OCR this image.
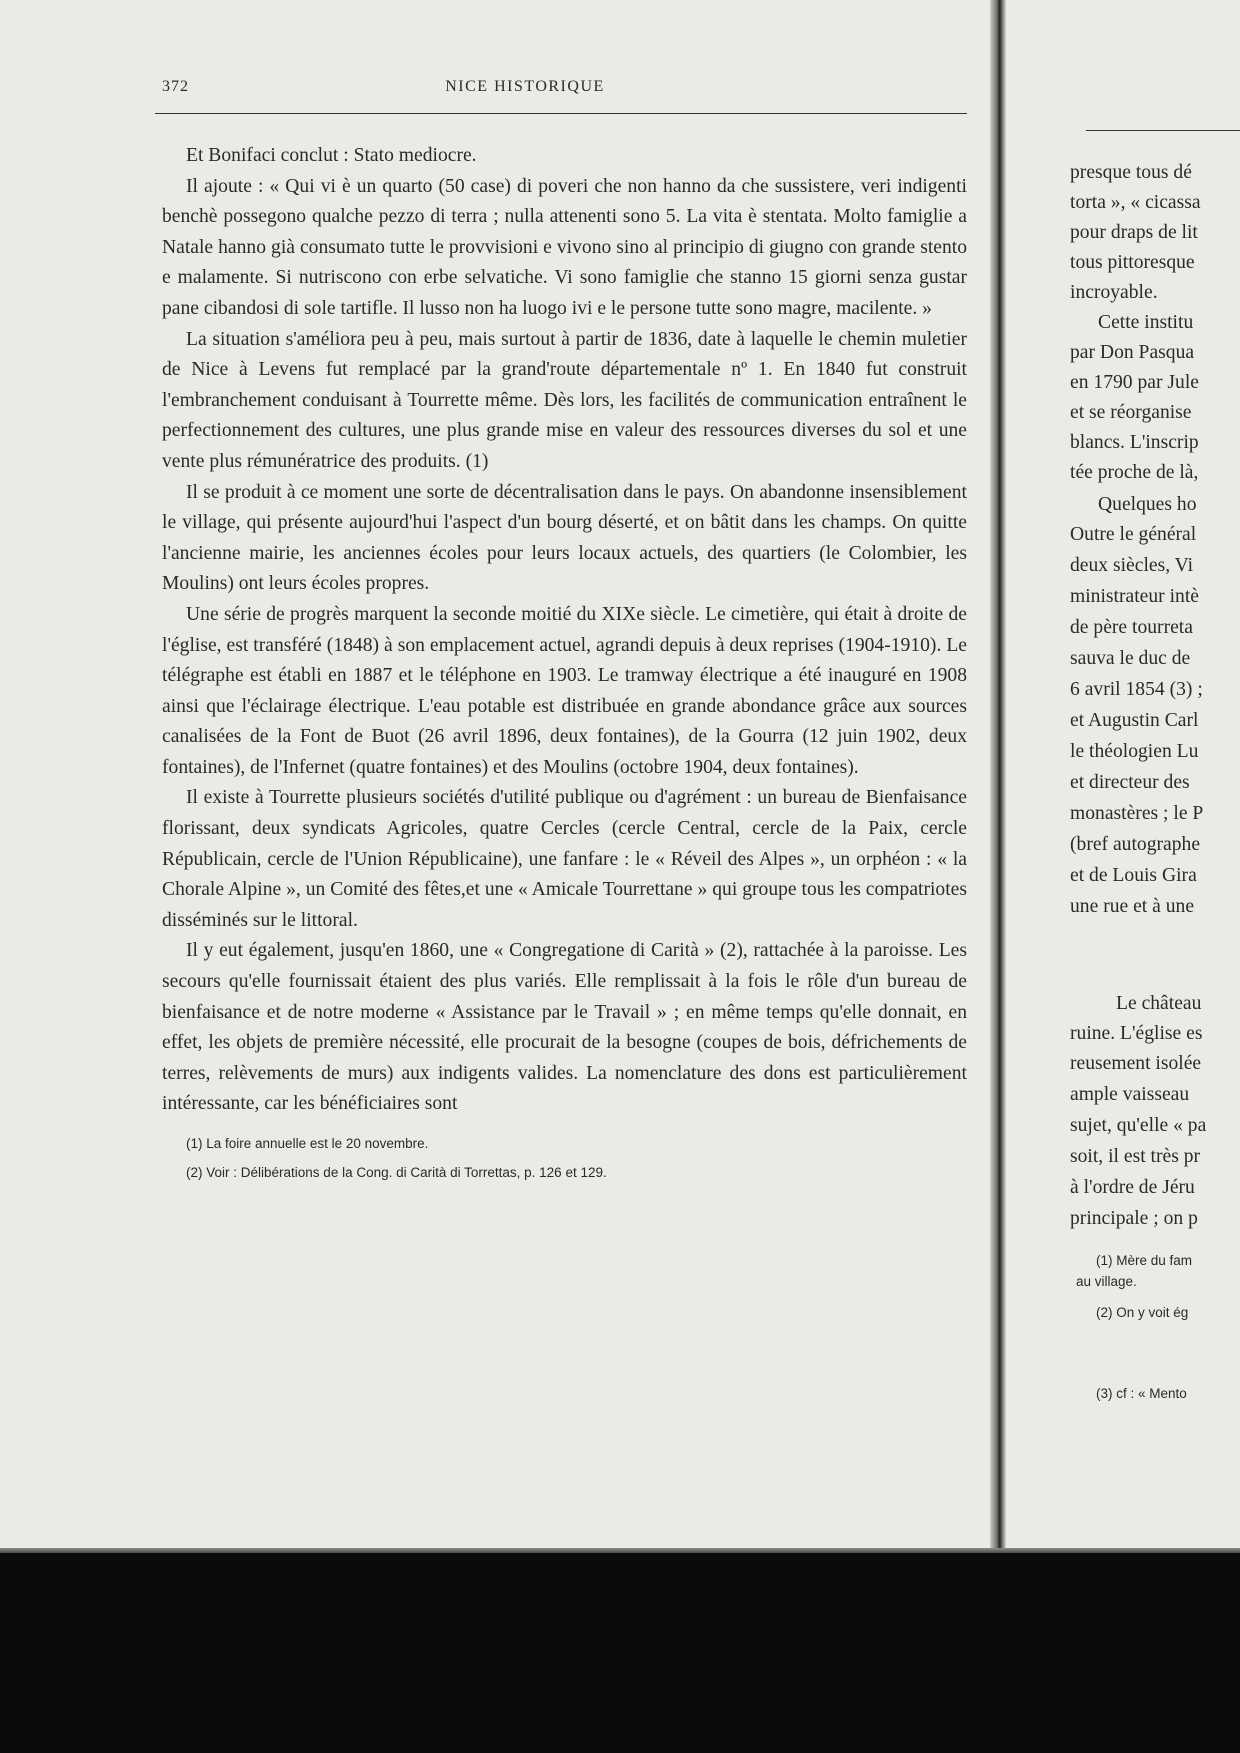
372	NICE HISTORIQUE

Et Bonifaci conclut : Stato mediocre.

Il ajoute : « Qui vi è un quarto (50 case) di poveri che non hanno da che sussistere, veri indigenti benchè possegono qualche pezzo di terra ; nulla attenenti sono 5. La vita è stentata. Molto famiglie a Natale hanno già consumato tutte le provvisioni e vivono sino al principio di giugno con grande stento e malamente. Si nutriscono con erbe selvatiche. Vi sono famiglie che stanno 15 giorni senza gustar pane cibandosi di sole tartifle. Il lusso non ha luogo ivi e le persone tutte sono magre, macilente. »

La situation s'améliora peu à peu, mais surtout à partir de 1836, date à laquelle le chemin muletier de Nice à Levens fut remplacé par la grand'route départementale nº 1. En 1840 fut construit l'embranchement conduisant à Tourrette même. Dès lors, les facilités de communication entraînent le perfectionnement des cultures, une plus grande mise en valeur des ressources diverses du sol et une vente plus rémunératrice des produits. (1)

Il se produit à ce moment une sorte de décentralisation dans le pays. On abandonne insensiblement le village, qui présente aujourd'hui l'aspect d'un bourg déserté, et on bâtit dans les champs. On quitte l'ancienne mairie, les anciennes écoles pour leurs locaux actuels, des quartiers (le Colombier, les Moulins) ont leurs écoles propres.

Une série de progrès marquent la seconde moitié du XIXe siècle. Le cimetière, qui était à droite de l'église, est transféré (1848) à son emplacement actuel, agrandi depuis à deux reprises (1904-1910). Le télégraphe est établi en 1887 et le téléphone en 1903. Le tramway électrique a été inauguré en 1908 ainsi que l'éclairage électrique. L'eau potable est distribuée en grande abondance grâce aux sources canalisées de la Font de Buot (26 avril 1896, deux fontaines), de la Gourra (12 juin 1902, deux fontaines), de l'Infernet (quatre fontaines) et des Moulins (octobre 1904, deux fontaines).

Il existe à Tourrette plusieurs sociétés d'utilité publique ou d'agrément : un bureau de Bienfaisance florissant, deux syndicats Agricoles, quatre Cercles (cercle Central, cercle de la Paix, cercle Républicain, cercle de l'Union Républicaine), une fanfare : le « Réveil des Alpes », un orphéon : « la Chorale Alpine », un Comité des fêtes,et une « Amicale Tourrettane » qui groupe tous les compatriotes disséminés sur le littoral.

Il y eut également, jusqu'en 1860, une « Congregatione di Carità » (2), rattachée à la paroisse. Les secours qu'elle fournissait étaient des plus variés. Elle remplissait à la fois le rôle d'un bureau de bienfaisance et de notre moderne « Assistance par le Travail » ; en même temps qu'elle donnait, en effet, les objets de première nécessité, elle procurait de la besogne (coupes de bois, défrichements de terres, relèvements de murs) aux indigents valides. La nomenclature des dons est particulièrement intéressante, car les bénéficiaires sont

(1) La foire annuelle est le 20 novembre.

(2) Voir : Délibérations de la Cong. di Carità di Torrettas, p. 126 et 129.

presque tous dé
torta », « cicassa
pour draps de lit
tous pittoresque
incroyable.
Cette institu
par Don Pasqua
en 1790 par Jule
et se réorganise
blancs. L'inscrip
tée proche de là,
Quelques ho
Outre le général
deux siècles, Vi
ministrateur intè
de père tourreta
sauva le duc de
6 avril 1854 (3) ;
et Augustin Carl
le théologien Lu
et directeur des
monastères ; le P
(bref autographe
et de Louis Gira
une rue et à une
Le château
ruine. L'église es
reusement isolée
ample vaisseau
sujet, qu'elle « pa
soit, il est très pr
à l'ordre de Jéru
principale ; on p
(1) Mère du fam
au village.
(2) On y voit ég
(3) cf : « Mento
